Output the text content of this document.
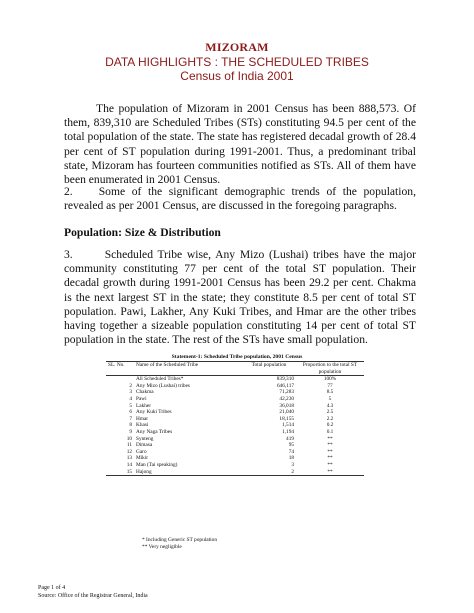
MIZORAM
DATA HIGHLIGHTS : THE SCHEDULED TRIBES
Census of India 2001
The population of Mizoram in 2001 Census has been 888,573. Of them, 839,310 are Scheduled Tribes (STs) constituting 94.5 per cent of the total population of the state. The state has registered decadal growth of 28.4 per cent of ST population during 1991-2001. Thus, a predominant tribal state, Mizoram has fourteen communities notified as STs. All of them have been enumerated in 2001 Census.
2. Some of the significant demographic trends of the population, revealed as per 2001 Census, are discussed in the foregoing paragraphs.
Population: Size & Distribution
3.	Scheduled Tribe wise, Any Mizo (Lushai) tribes have the major community constituting 77 per cent of the total ST population. Their decadal growth during 1991-2001 Census has been 29.2 per cent. Chakma is the next largest ST in the state; they constitute 8.5 per cent of total ST population. Pawi, Lakher, Any Kuki Tribes, and Hmar are the other tribes having together a sizeable population constituting 14 per cent of total ST population in the state. The rest of the STs have small population.
Statement-1: Scheduled Tribe population, 2001 Census
SL. No.	Name of the Scheduled Tribe	Total population	Proportion to the total ST population
	All Scheduled Tribes*	839,310	100%
2	Any Mizo (Lushai) tribes	646,117	77
3	Chakma	71,283	8.5
4	Pawi	42,230	5
5	Lakher	36,018	4.3
6	Any Kuki Tribes	21,040	2.5
7	Hmar	18,155	2.2
8	Khasi	1,514	0.2
9	Any Naga Tribes	1,194	0.1
10	Synteng	419	**
11	Dimasa	95	**
12	Garo	74	**
13	Mikir	18	**
14	Man (Tai speaking)	3	**
15	Hajong	2	**
* Including Generic ST population
** Very negligible
Page 1 of 4
Source: Office of the Registrar General, India
